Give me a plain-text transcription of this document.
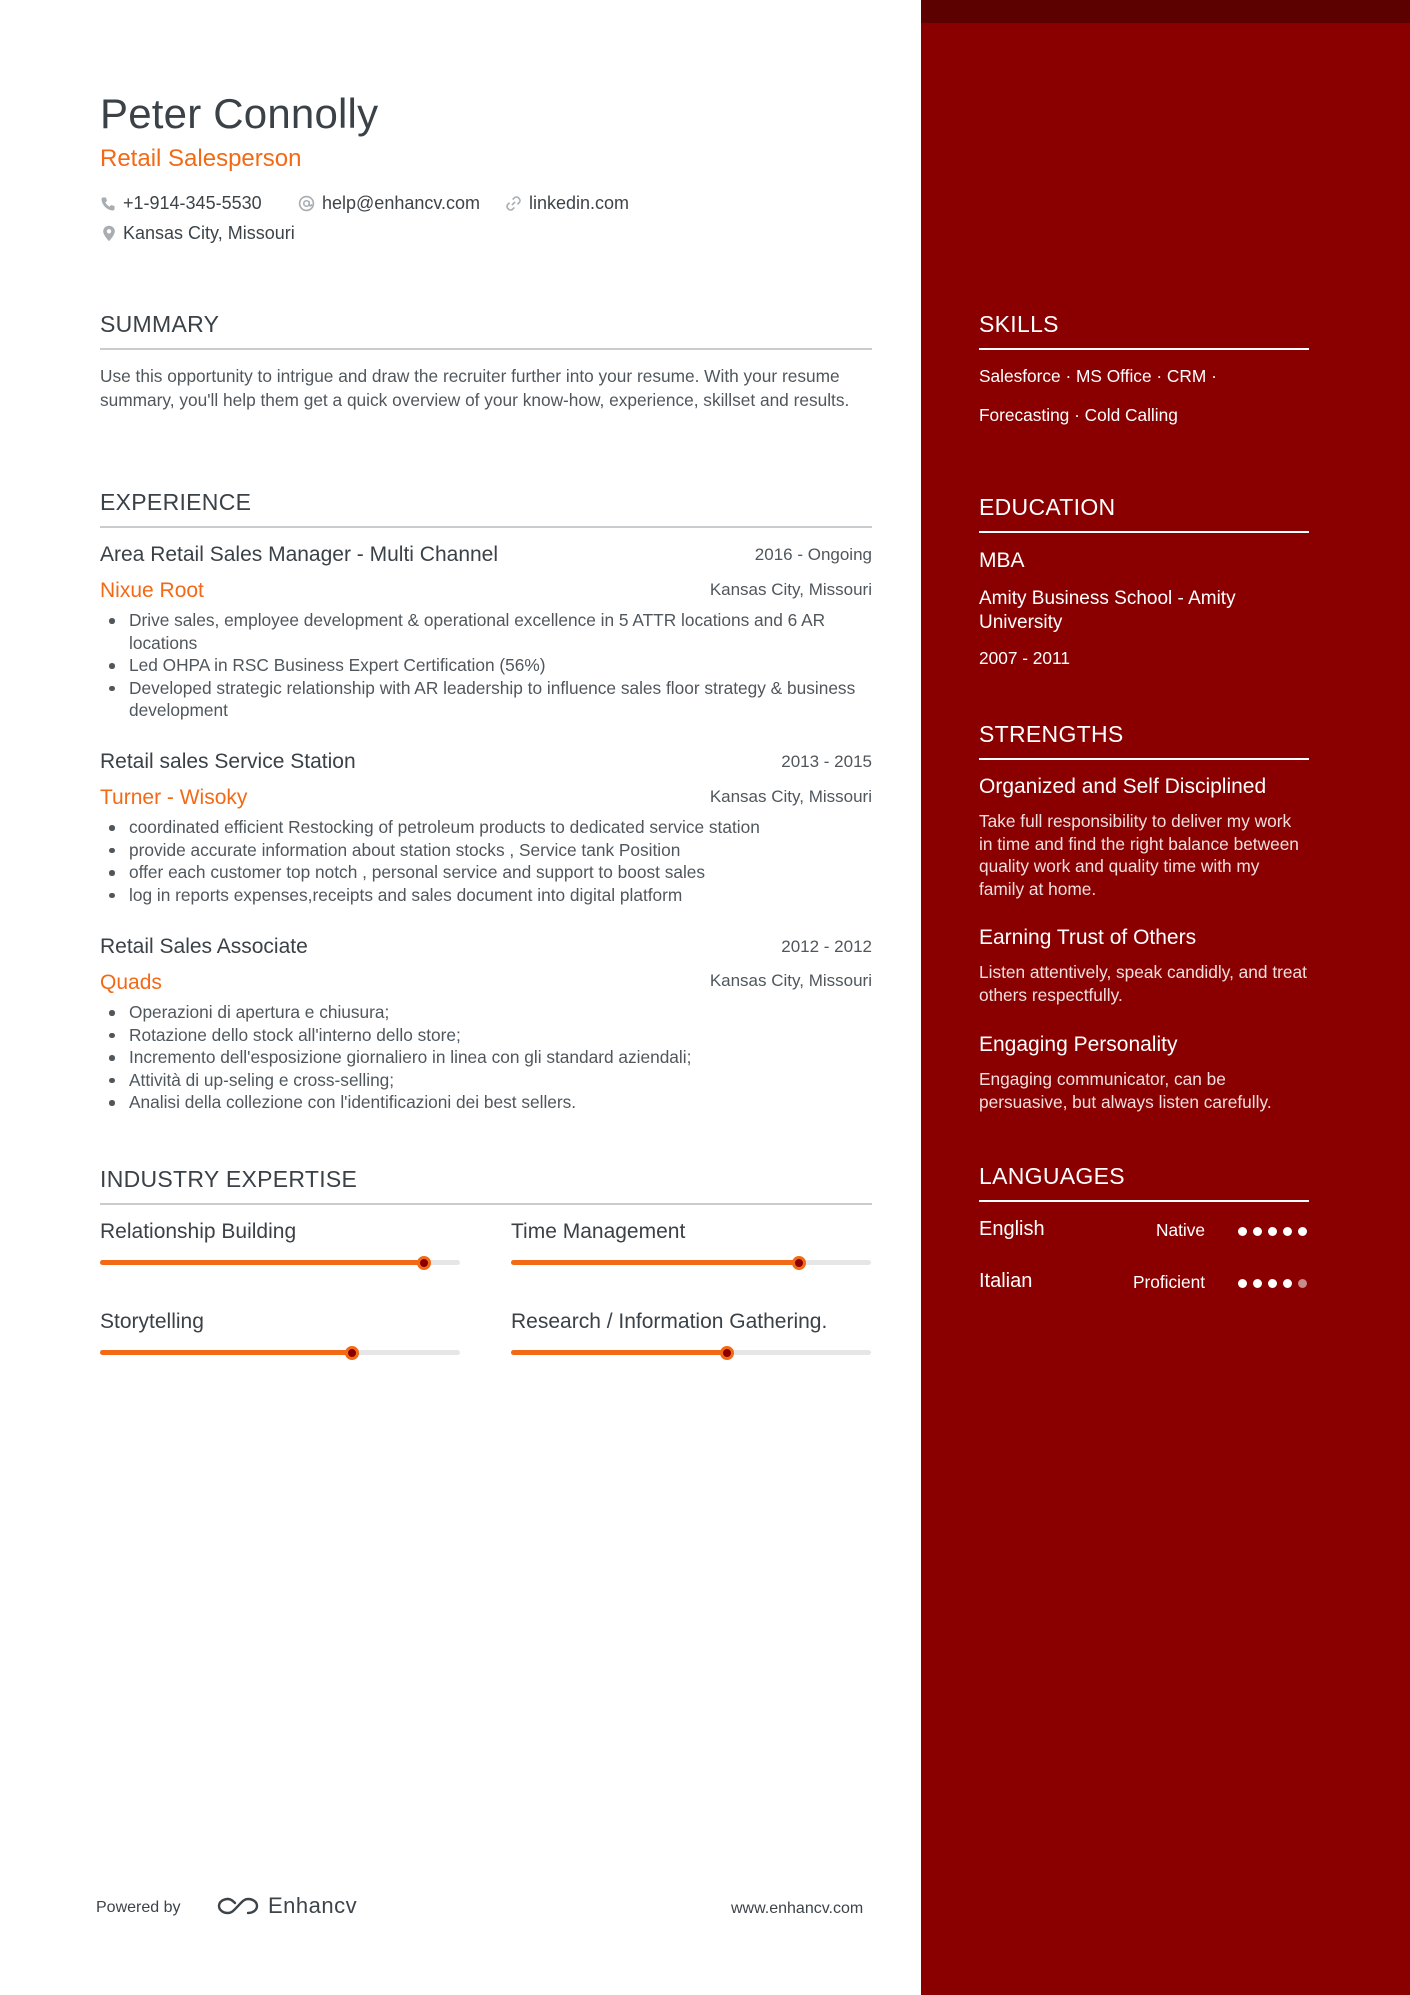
Peter Connolly
Retail Salesperson
+1-914-345-5530	help@enhancv.com	linkedin.com
Kansas City, Missouri
SUMMARY
Use this opportunity to intrigue and draw the recruiter further into your resume. With your resume summary, you'll help them get a quick overview of your know-how, experience, skillset and results.
EXPERIENCE
Area Retail Sales Manager - Multi Channel	2016 - Ongoing
Nixue Root	Kansas City, Missouri
Drive sales, employee development & operational excellence in 5 ATTR locations and 6 AR locations
Led OHPA in RSC Business Expert Certification (56%)
Developed strategic relationship with AR leadership to influence sales floor strategy & business development
Retail sales Service Station	2013 - 2015
Turner - Wisoky	Kansas City, Missouri
coordinated efficient Restocking of petroleum products to dedicated service station
provide accurate information about station stocks , Service tank Position
offer each customer top notch , personal service and support to boost sales
log in reports expenses,receipts and sales document into digital platform
Retail Sales Associate	2012 - 2012
Quads	Kansas City, Missouri
Operazioni di apertura e chiusura;
Rotazione dello stock all'interno dello store;
Incremento dell'esposizione giornaliero in linea con gli standard aziendali;
Attività di up-seling e cross-selling;
Analisi della collezione con l'identificazioni dei best sellers.
INDUSTRY EXPERTISE
Relationship Building	Time Management
Storytelling	Research / Information Gathering.
Powered by	Enhancv	www.enhancv.com
SKILLS
Salesforce · MS Office · CRM ·
Forecasting · Cold Calling
EDUCATION
MBA
Amity Business School - Amity University
2007 - 2011
STRENGTHS
Organized and Self Disciplined
Take full responsibility to deliver my work in time and find the right balance between quality work and quality time with my family at home.
Earning Trust of Others
Listen attentively, speak candidly, and treat others respectfully.
Engaging Personality
Engaging communicator, can be persuasive, but always listen carefully.
LANGUAGES
English	Native
Italian	Proficient
